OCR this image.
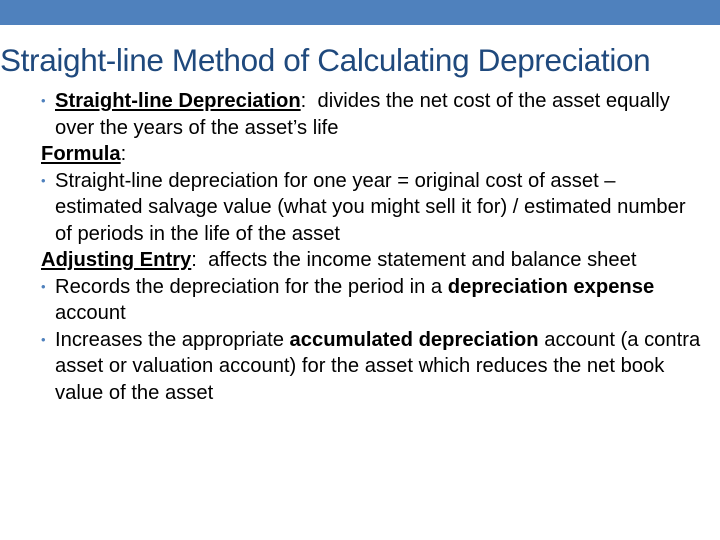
Straight-line Method of Calculating Depreciation

• Straight-line Depreciation:  divides the net cost of the asset equally over the years of the asset’s life

Formula:

• Straight-line depreciation for one year = original cost of asset – estimated salvage value (what you might sell it for) / estimated number of periods in the life of the asset

Adjusting Entry:  affects the income statement and balance sheet

• Records the depreciation for the period in a depreciation expense account

• Increases the appropriate accumulated depreciation account (a contra asset or valuation account) for the asset which reduces the net book value of the asset
